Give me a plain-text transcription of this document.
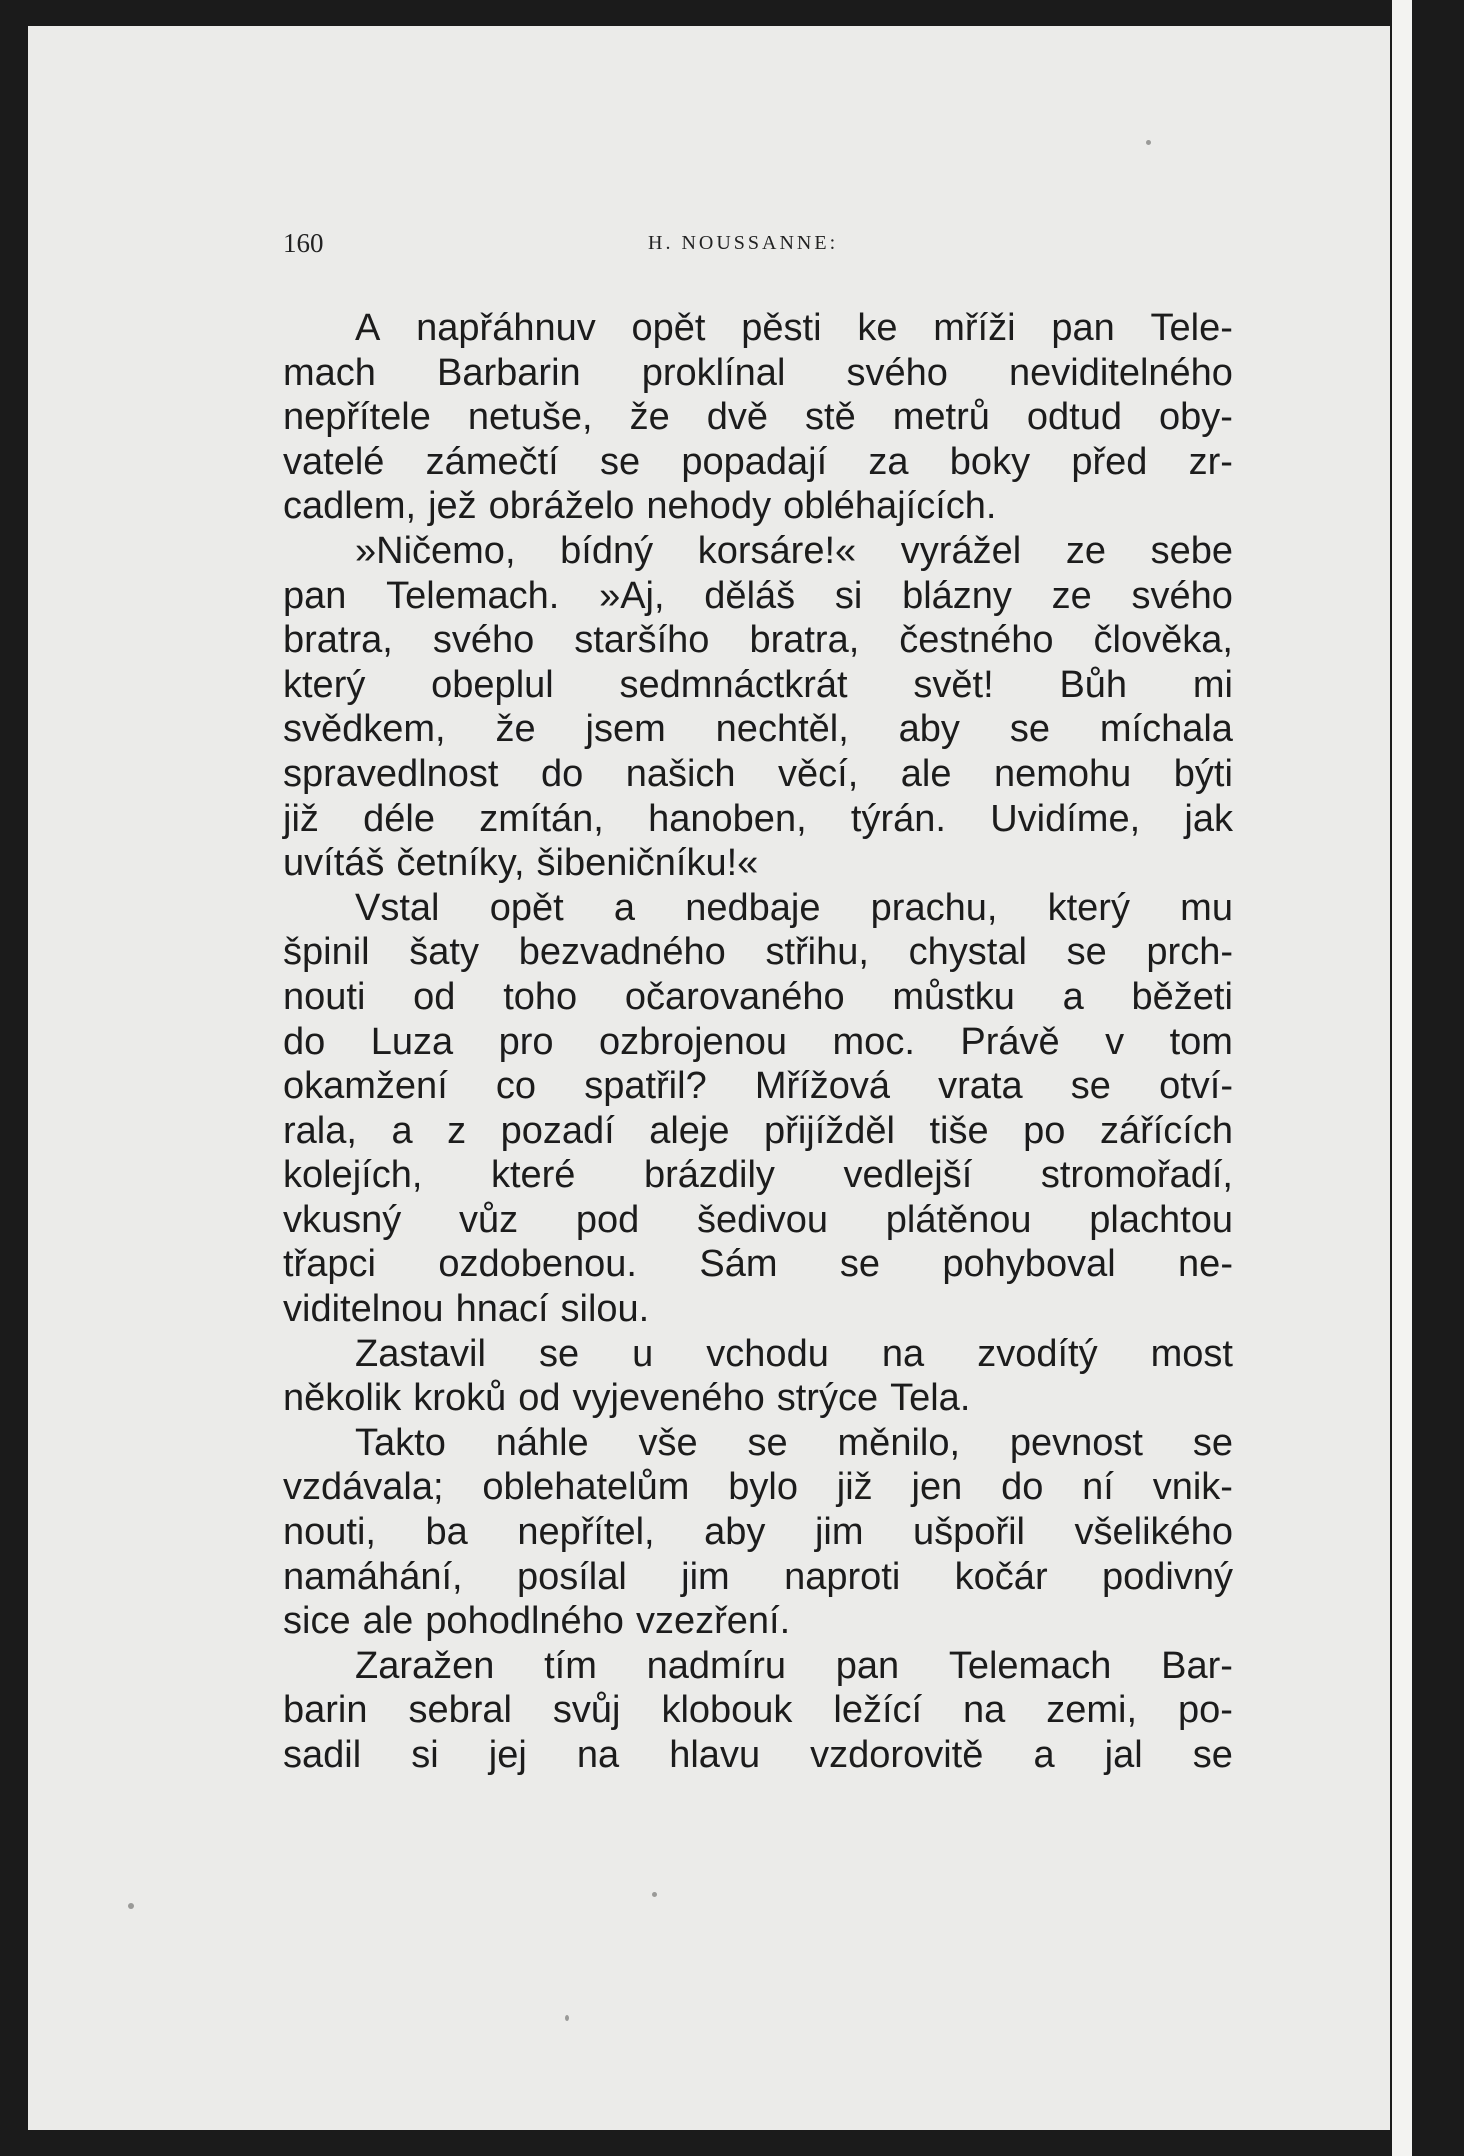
160	H. NOUSSANNE:
A napřáhnuv opět pěsti ke mříži pan Tele-
mach Barbarin proklínal svého neviditelného
nepřítele netuše, že dvě stě metrů odtud oby-
vatelé zámečtí se popadají za boky před zr-
cadlem, jež obráželo nehody obléhajících.
»Ničemo, bídný korsáre!« vyrážel ze sebe
pan Telemach. »Aj, děláš si blázny ze svého
bratra, svého staršího bratra, čestného člověka,
který obeplul sedmnáctkrát svět! Bůh mi
svědkem, že jsem nechtěl, aby se míchala
spravedlnost do našich věcí, ale nemohu býti
již déle zmítán, hanoben, týrán. Uvidíme, jak
uvítáš četníky, šibeničníku!«
Vstal opět a nedbaje prachu, který mu
špinil šaty bezvadného střihu, chystal se prch-
nouti od toho očarovaného můstku a běžeti
do Luza pro ozbrojenou moc. Právě v tom
okamžení co spatřil? Mřížová vrata se otví-
rala, a z pozadí aleje přijížděl tiše po zářících
kolejích, které brázdily vedlejší stromořadí,
vkusný vůz pod šedivou plátěnou plachtou
třapci ozdobenou. Sám se pohyboval ne-
viditelnou hnací silou.
Zastavil se u vchodu na zvodítý most
několik kroků od vyjeveného strýce Tela.
Takto náhle vše se měnilo, pevnost se
vzdávala; oblehatelům bylo již jen do ní vnik-
nouti, ba nepřítel, aby jim ušpořil všelikého
namáhání, posílal jim naproti kočár podivný
sice ale pohodlného vzezření.
Zaražen tím nadmíru pan Telemach Bar-
barin sebral svůj klobouk ležící na zemi, po-
sadil si jej na hlavu vzdorovitě a jal se
